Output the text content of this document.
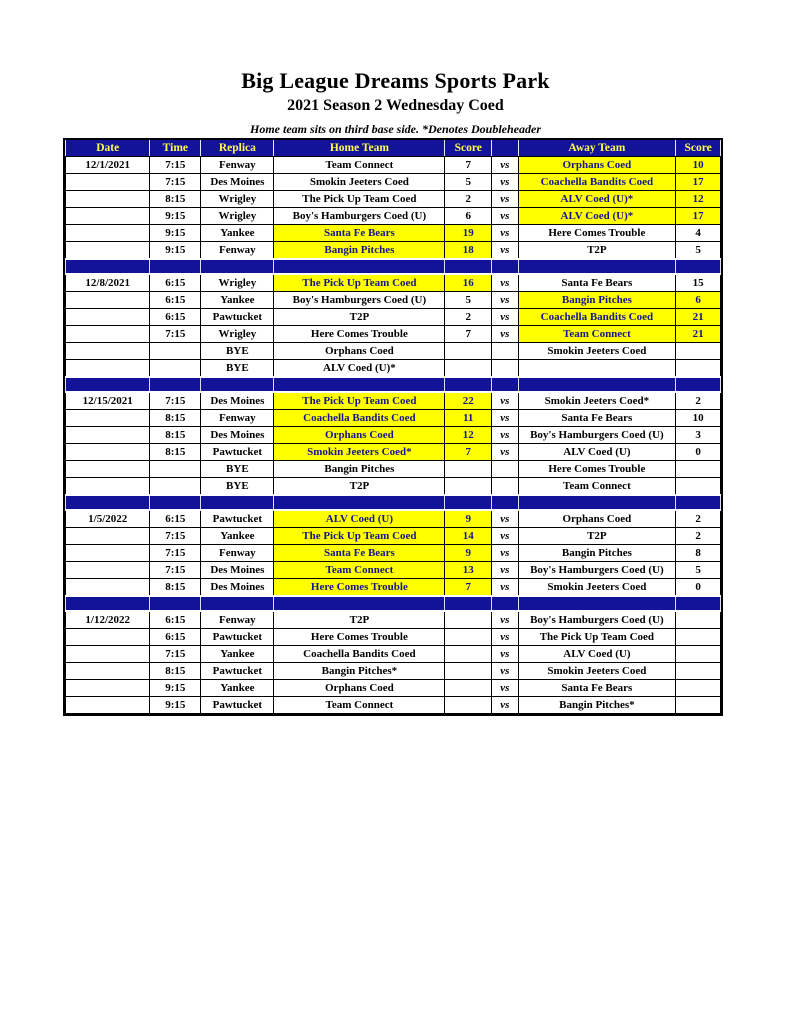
Big League Dreams Sports Park
2021 Season 2 Wednesday Coed
Home team sits on third base side. *Denotes Doubleheader
Date	Time	Replica	Home Team	Score		Away Team	Score
12/1/2021	7:15	Fenway	Team Connect	7	vs	Orphans Coed	10
	7:15	Des Moines	Smokin Jeeters Coed	5	vs	Coachella Bandits Coed	17
	8:15	Wrigley	The Pick Up Team Coed	2	vs	ALV Coed (U)*	12
	9:15	Wrigley	Boy's Hamburgers Coed (U)	6	vs	ALV Coed (U)*	17
	9:15	Yankee	Santa Fe Bears	19	vs	Here Comes Trouble	4
	9:15	Fenway	Bangin Pitches	18	vs	T2P	5

12/8/2021	6:15	Wrigley	The Pick Up Team Coed	16	vs	Santa Fe Bears	15
	6:15	Yankee	Boy's Hamburgers Coed (U)	5	vs	Bangin Pitches	6
	6:15	Pawtucket	T2P	2	vs	Coachella Bandits Coed	21
	7:15	Wrigley	Here Comes Trouble	7	vs	Team Connect	21
		BYE	Orphans Coed			Smokin Jeeters Coed	
		BYE	ALV Coed (U)*				

12/15/2021	7:15	Des Moines	The Pick Up Team Coed	22	vs	Smokin Jeeters Coed*	2
	8:15	Fenway	Coachella Bandits Coed	11	vs	Santa Fe Bears	10
	8:15	Des Moines	Orphans Coed	12	vs	Boy's Hamburgers Coed (U)	3
	8:15	Pawtucket	Smokin Jeeters Coed*	7	vs	ALV Coed (U)	0
		BYE	Bangin Pitches			Here Comes Trouble	
		BYE	T2P			Team Connect	

1/5/2022	6:15	Pawtucket	ALV Coed (U)	9	vs	Orphans Coed	2
	7:15	Yankee	The Pick Up Team Coed	14	vs	T2P	2
	7:15	Fenway	Santa Fe Bears	9	vs	Bangin Pitches	8
	7:15	Des Moines	Team Connect	13	vs	Boy's Hamburgers Coed (U)	5
	8:15	Des Moines	Here Comes Trouble	7	vs	Smokin Jeeters Coed	0

1/12/2022	6:15	Fenway	T2P		vs	Boy's Hamburgers Coed (U)	
	6:15	Pawtucket	Here Comes Trouble		vs	The Pick Up Team Coed	
	7:15	Yankee	Coachella Bandits Coed		vs	ALV Coed (U)	
	8:15	Pawtucket	Bangin Pitches*		vs	Smokin Jeeters Coed	
	9:15	Yankee	Orphans Coed		vs	Santa Fe Bears	
	9:15	Pawtucket	Team Connect		vs	Bangin Pitches*	
